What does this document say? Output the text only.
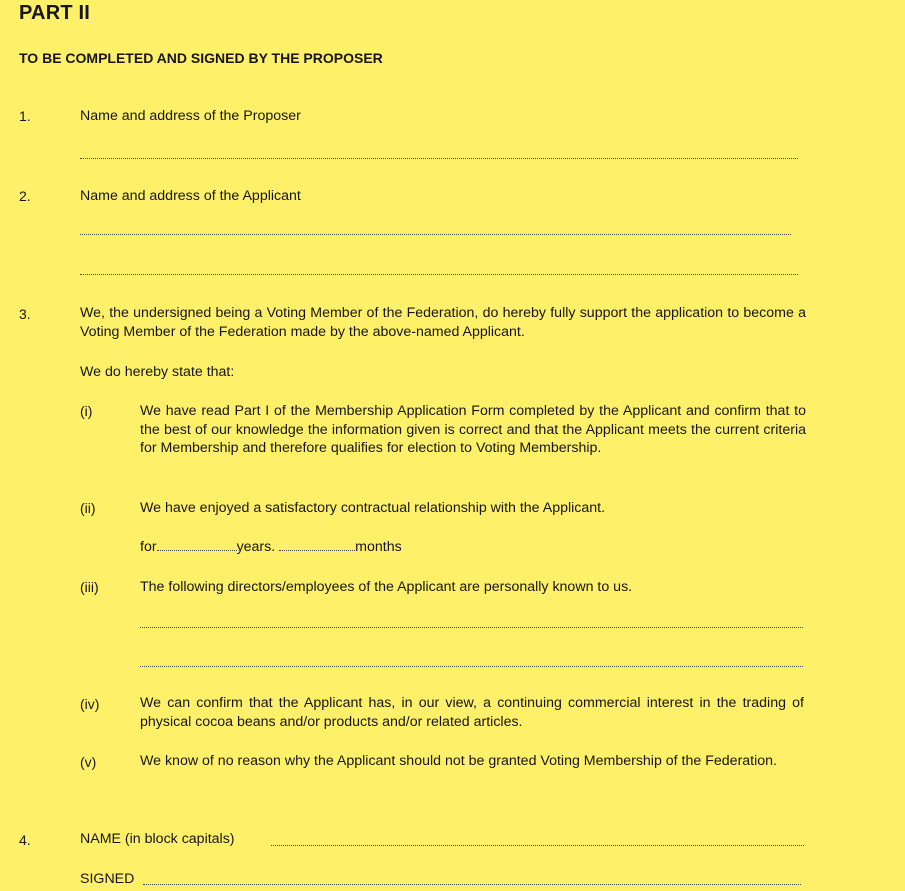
PART II
TO BE COMPLETED AND SIGNED BY THE PROPOSER
1.	Name and address of the Proposer
2.	Name and address of the Applicant
3.	We, the undersigned being a Voting Member of the Federation, do hereby fully support the application to become a Voting Member of the Federation made by the above-named Applicant.
We do hereby state that:
(i)	We have read Part I of the Membership Application Form completed by the Applicant and confirm that to the best of our knowledge the information given is correct and that the Applicant meets the current criteria for Membership and therefore qualifies for election to Voting Membership.
(ii)	We have enjoyed a satisfactory contractual relationship with the Applicant.
for	years.	months
(iii)	The following directors/employees of the Applicant are personally known to us.
(iv)	We can confirm that the Applicant has, in our view, a continuing commercial interest in the trading of physical cocoa beans and/or products and/or related articles.
(v)	We know of no reason why the Applicant should not be granted Voting Membership of the Federation.
4.	NAME (in block capitals)
SIGNED
